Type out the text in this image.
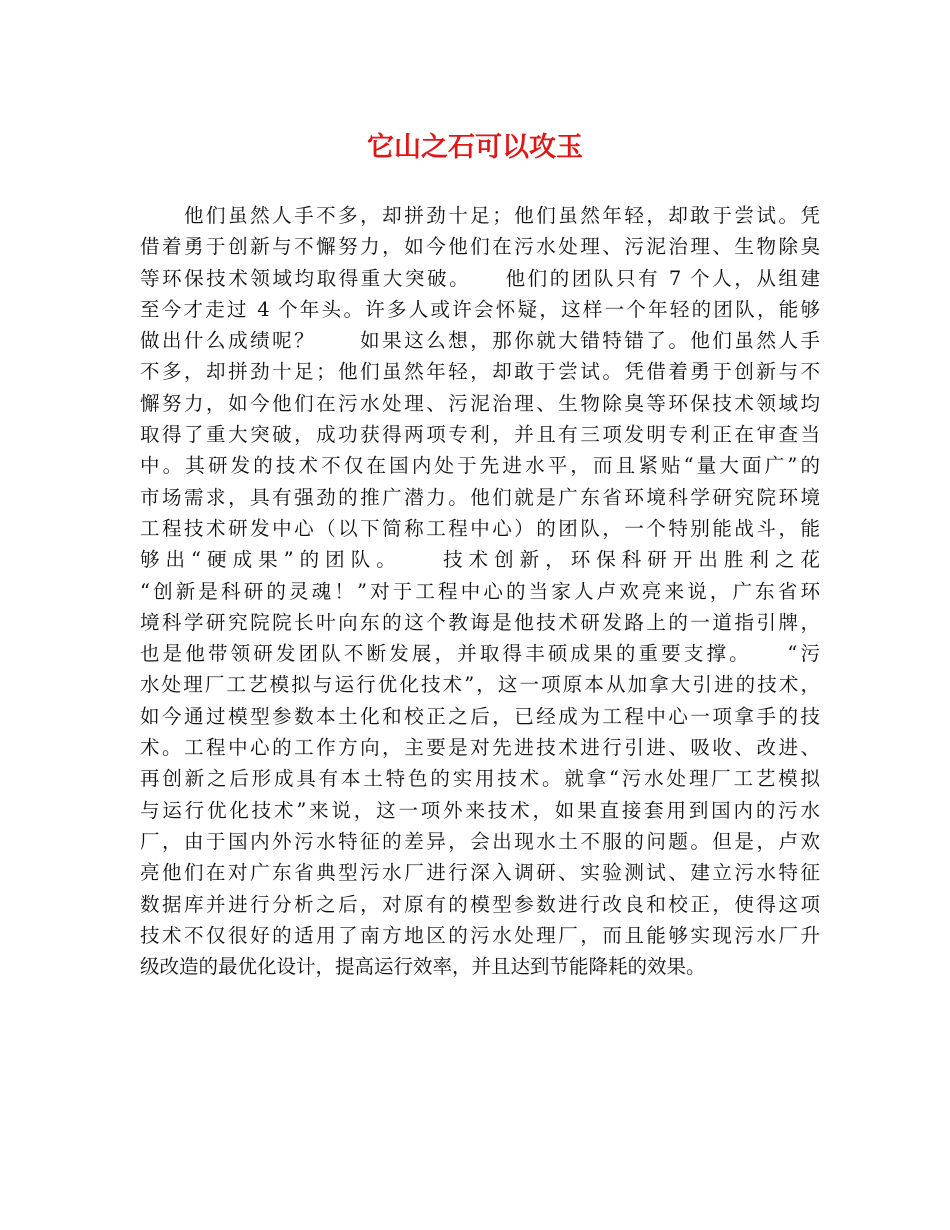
它山之石可以攻玉
　　他们虽然人手不多，却拼劲十足；他们虽然年轻，却敢于尝试。凭
借着勇于创新与不懈努力，如今他们在污水处理、污泥治理、生物除臭
等环保技术领域均取得重大突破。　　他们的团队只有 7 个人，从组建
至今才走过 4 个年头。许多人或许会怀疑，这样一个年轻的团队，能够
做出什么成绩呢？　　如果这么想，那你就大错特错了。他们虽然人手
不多，却拼劲十足；他们虽然年轻，却敢于尝试。凭借着勇于创新与不
懈努力，如今他们在污水处理、污泥治理、生物除臭等环保技术领域均
取得了重大突破，成功获得两项专利，并且有三项发明专利正在审查当
中。其研发的技术不仅在国内处于先进水平，而且紧贴“量大面广”的
市场需求，具有强劲的推广潜力。他们就是广东省环境科学研究院环境
工程技术研发中心（以下简称工程中心）的团队，一个特别能战斗，能
够出“硬成果”的团队。　　技术创新，环保科研开出胜利之花
“创新是科研的灵魂！”对于工程中心的当家人卢欢亮来说，广东省环
境科学研究院院长叶向东的这个教诲是他技术研发路上的一道指引牌，
也是他带领研发团队不断发展，并取得丰硕成果的重要支撑。　　“污
水处理厂工艺模拟与运行优化技术”，这一项原本从加拿大引进的技术，
如今通过模型参数本土化和校正之后，已经成为工程中心一项拿手的技
术。工程中心的工作方向，主要是对先进技术进行引进、吸收、改进、
再创新之后形成具有本土特色的实用技术。就拿“污水处理厂工艺模拟
与运行优化技术”来说，这一项外来技术，如果直接套用到国内的污水
厂，由于国内外污水特征的差异，会出现水土不服的问题。但是，卢欢
亮他们在对广东省典型污水厂进行深入调研、实验测试、建立污水特征
数据库并进行分析之后，对原有的模型参数进行改良和校正，使得这项
技术不仅很好的适用了南方地区的污水处理厂，而且能够实现污水厂升
级改造的最优化设计，提高运行效率，并且达到节能降耗的效果。
